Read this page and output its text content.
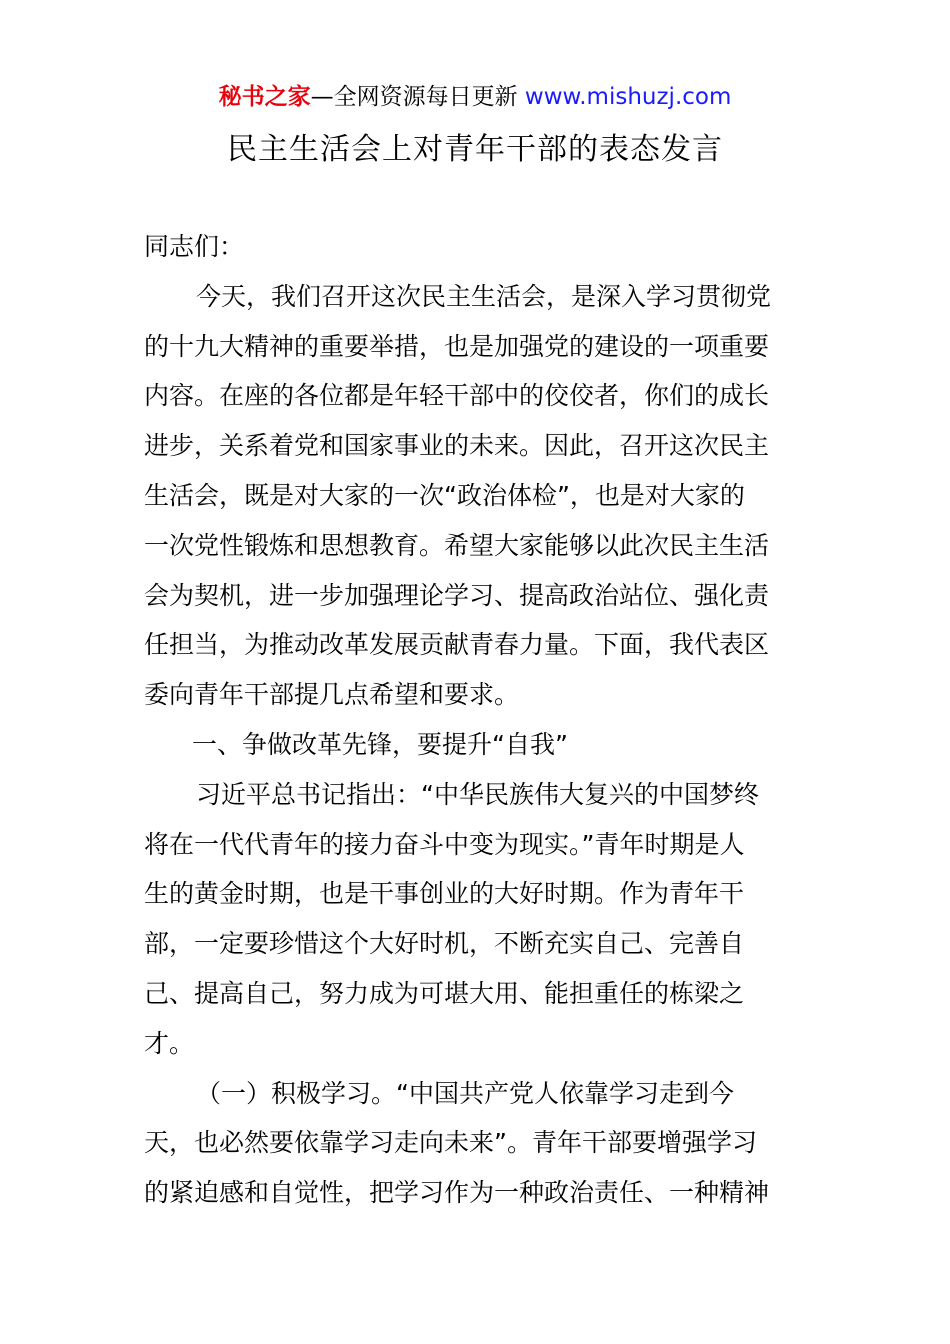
秘书之家—全网资源每日更新 www.mishuzj.com
民主生活会上对青年干部的表态发言
同志们：
今天，我们召开这次民主生活会，是深入学习贯彻党
的十九大精神的重要举措，也是加强党的建设的一项重要
内容。在座的各位都是年轻干部中的佼佼者，你们的成长
进步，关系着党和国家事业的未来。因此，召开这次民主
生活会，既是对大家的一次“政治体检”，也是对大家的
一次党性锻炼和思想教育。希望大家能够以此次民主生活
会为契机，进一步加强理论学习、提高政治站位、强化责
任担当，为推动改革发展贡献青春力量。下面，我代表区
委向青年干部提几点希望和要求。
一、争做改革先锋，要提升“自我”
习近平总书记指出：“中华民族伟大复兴的中国梦终
将在一代代青年的接力奋斗中变为现实。”青年时期是人
生的黄金时期，也是干事创业的大好时期。作为青年干
部，一定要珍惜这个大好时机，不断充实自己、完善自
己、提高自己，努力成为可堪大用、能担重任的栋梁之
才。
（一）积极学习。“中国共产党人依靠学习走到今
天，也必然要依靠学习走向未来”。青年干部要增强学习
的紧迫感和自觉性，把学习作为一种政治责任、一种精神
